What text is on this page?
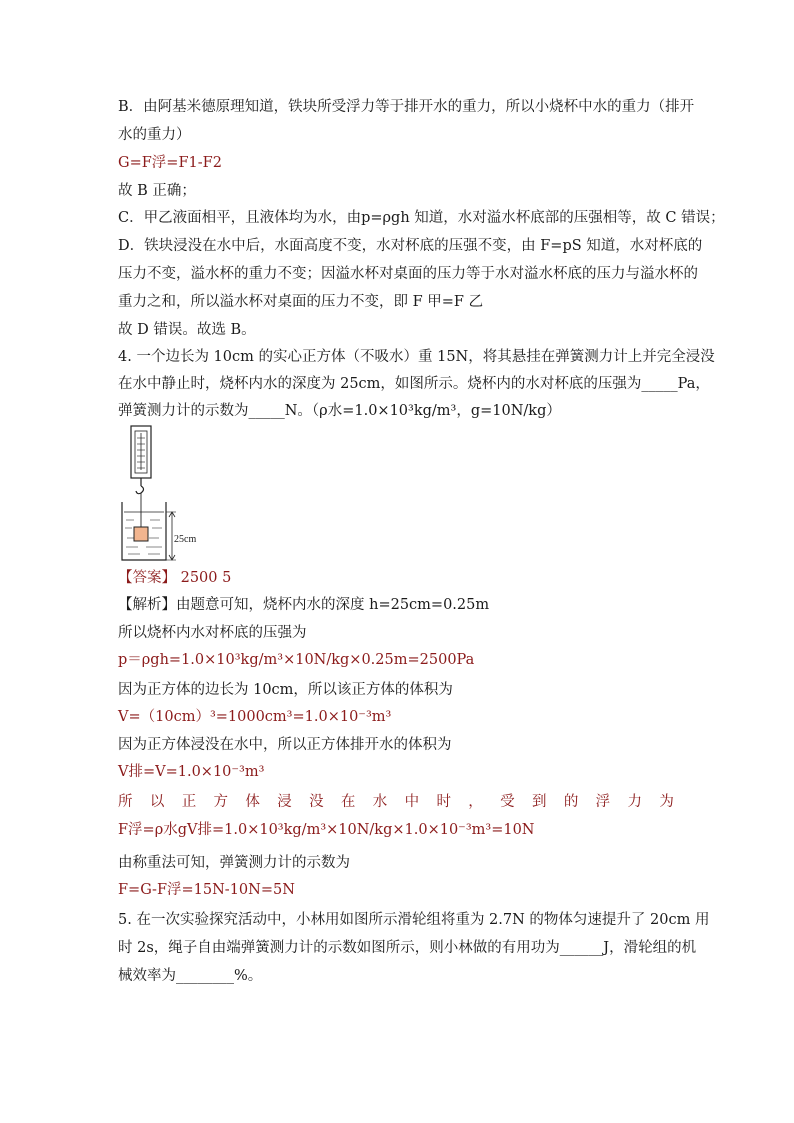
B．由阿基米德原理知道，铁块所受浮力等于排开水的重力，所以小烧杯中水的重力（排开
水的重力）
G=F浮=F1-F2
故 B 正确；
C．甲乙液面相平，且液体均为水，由p=ρgh 知道，水对溢水杯底部的压强相等，故 C 错误；
D．铁块浸没在水中后，水面高度不变，水对杯底的压强不变，由 F=pS 知道，水对杯底的
压力不变，溢水杯的重力不变；因溢水杯对桌面的压力等于水对溢水杯底的压力与溢水杯的
重力之和，所以溢水杯对桌面的压力不变，即 F 甲=F 乙
故 D 错误。故选 B。
4. 一个边长为 10cm 的实心正方体（不吸水）重 15N，将其悬挂在弹簧测力计上并完全浸没
在水中静止时，烧杯内水的深度为 25cm，如图所示。烧杯内的水对杯底的压强为_____Pa，
弹簧测力计的示数为_____N。（ρ水=1.0×10³kg/m³，g=10N/kg）
25cm
【答案】 2500 5
【解析】由题意可知，烧杯内水的深度 h=25cm=0.25m
所以烧杯内水对杯底的压强为
p＝ρgh=1.0×10³kg/m³×10N/kg×0.25m=2500Pa
因为正方体的边长为 10cm，所以该正方体的体积为
V=（10cm）³=1000cm³=1.0×10⁻³m³
因为正方体浸没在水中，所以正方体排开水的体积为
V排=V=1.0×10⁻³m³
所 以 正 方 体 浸 没 在 水 中 时 ， 受 到 的 浮 力 为
F浮=ρ水gV排=1.0×10³kg/m³×10N/kg×1.0×10⁻³m³=10N
由称重法可知，弹簧测力计的示数为
F=G-F浮=15N-10N=5N
5. 在一次实验探究活动中，小林用如图所示滑轮组将重为 2.7N 的物体匀速提升了 20cm 用
时 2s，绳子自由端弹簧测力计的示数如图所示，则小林做的有用功为______J，滑轮组的机
械效率为________%。
